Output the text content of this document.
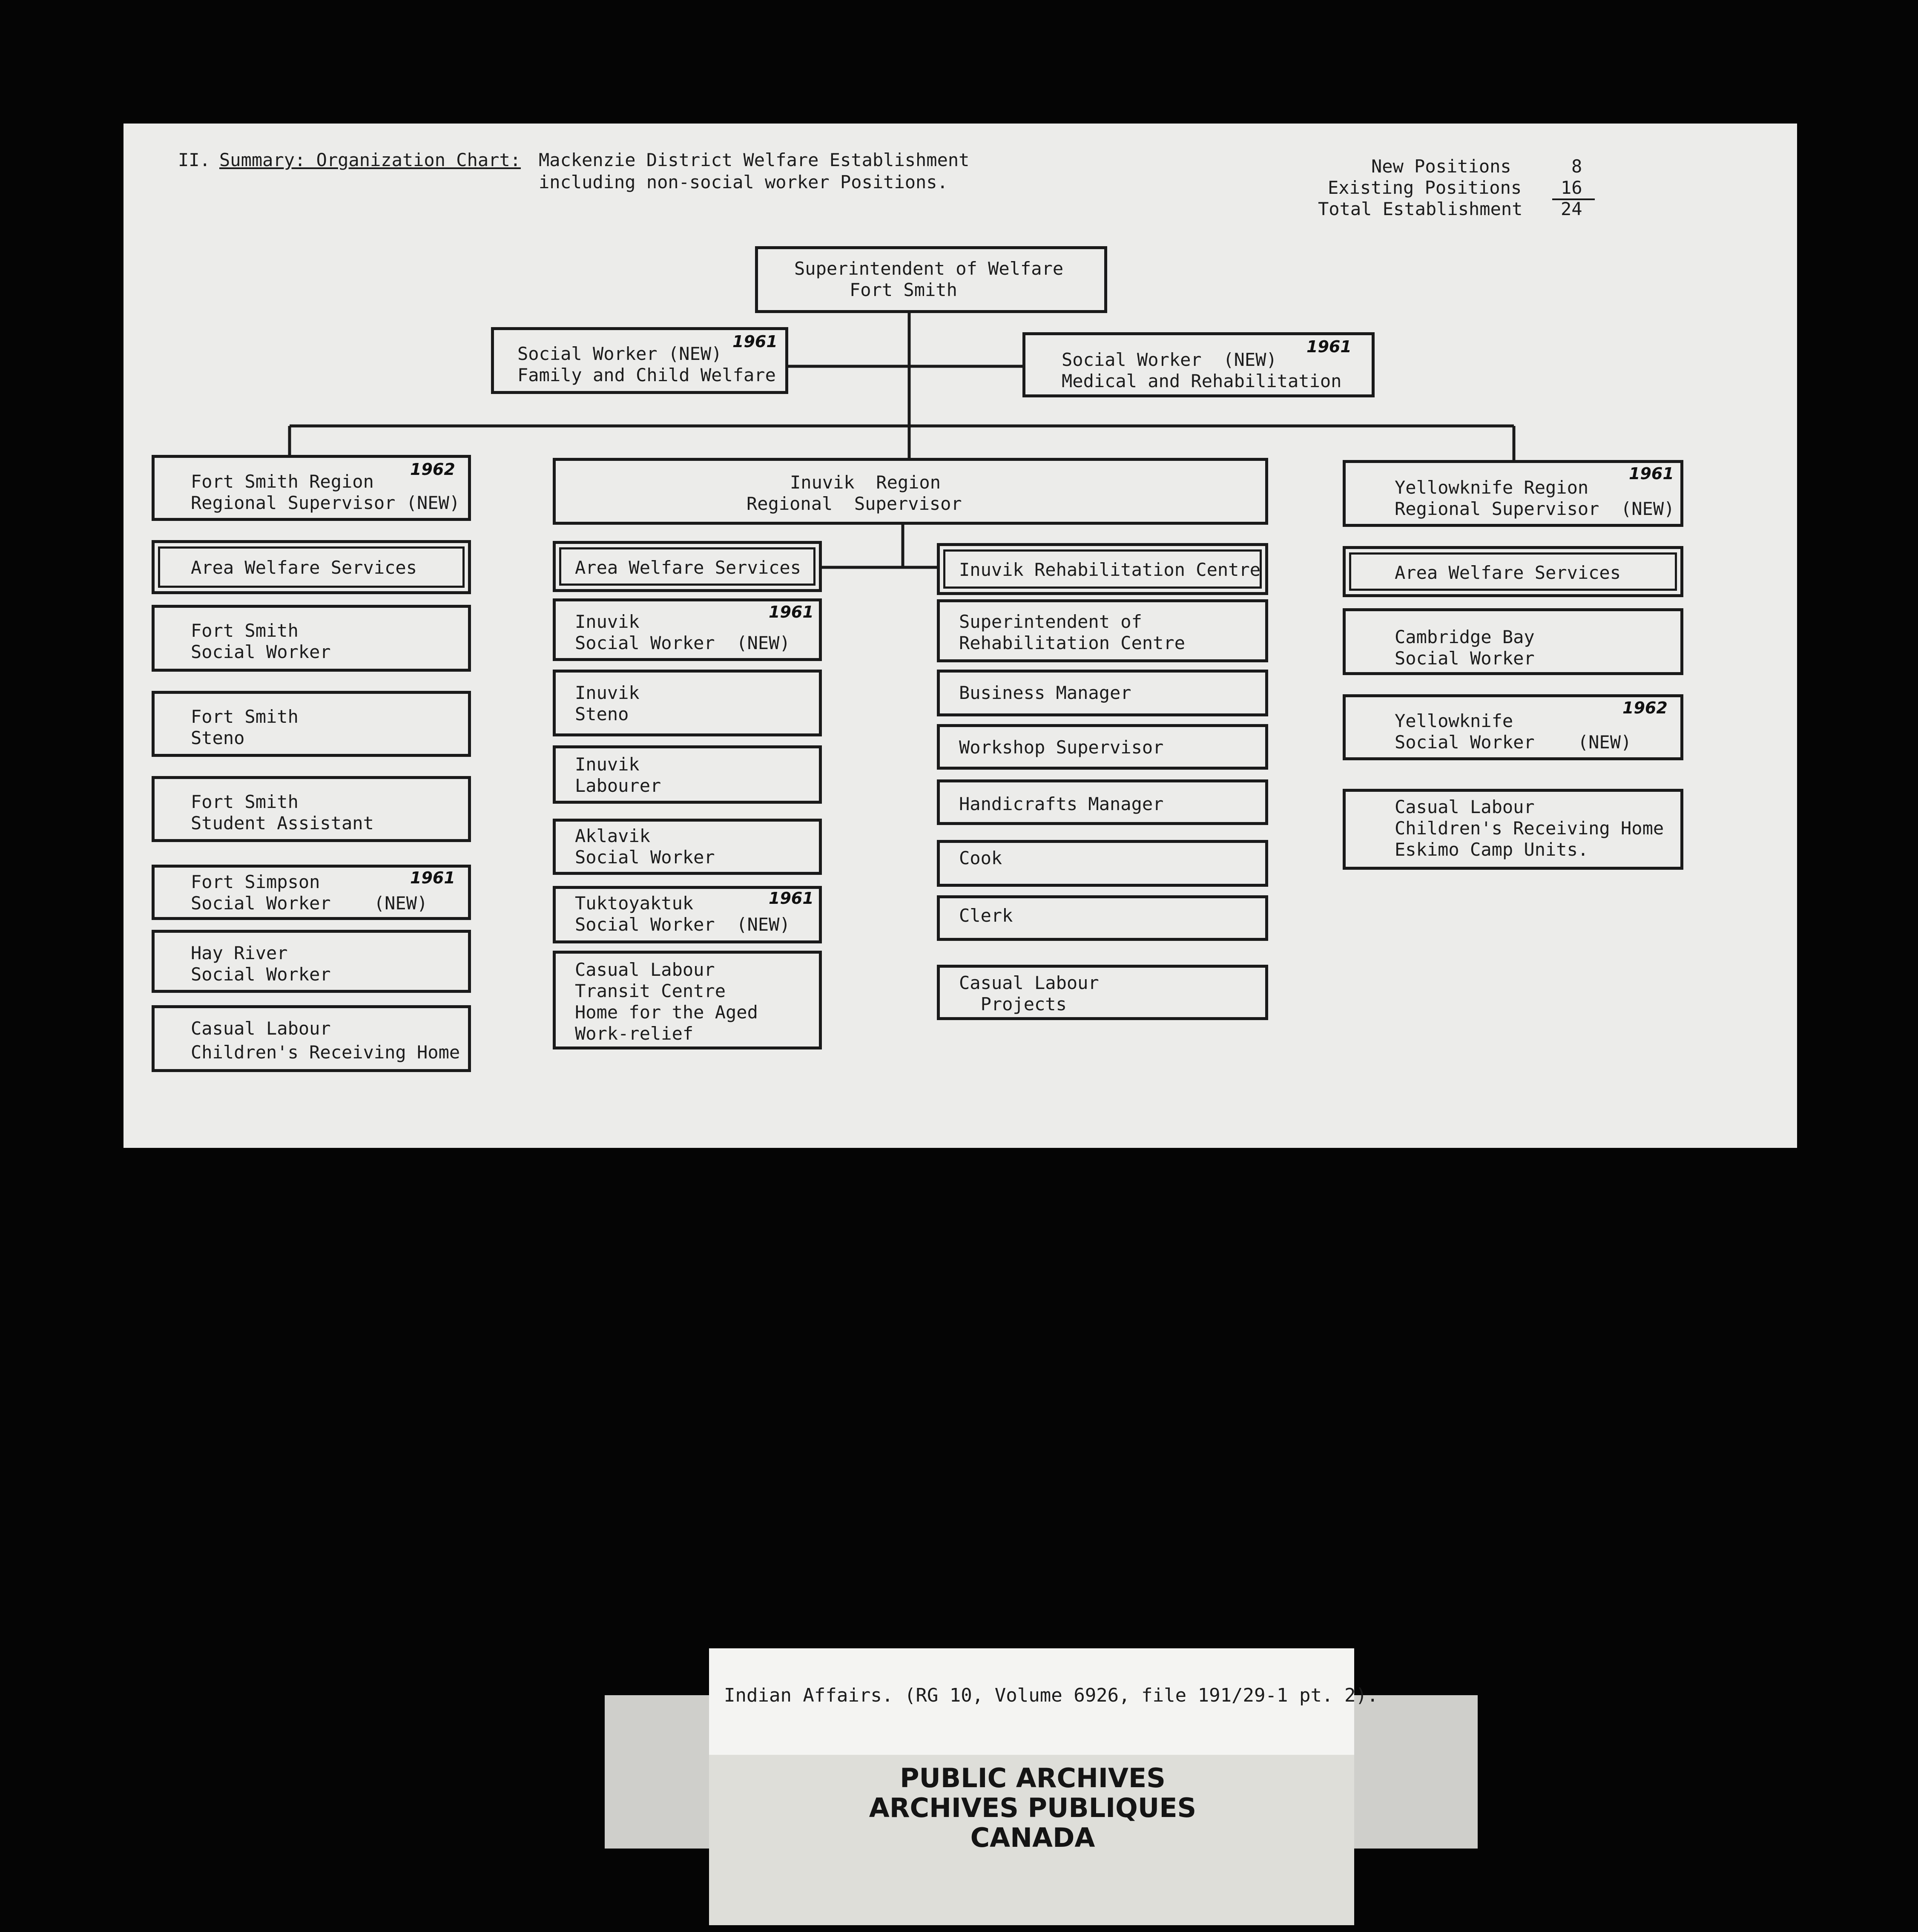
II. Summary: Organization Chart: Mackenzie District Welfare Establishment
including non-social worker Positions.
New Positions	8
Existing Positions 16
Total Establishment 24
Superintendent of Welfare
Fort Smith
Social Worker (NEW)
Family and Child Welfare
1961
Social Worker  (NEW)
Medical and Rehabilitation
1961
Fort Smith Region
Regional Supervisor (NEW)
1962
Inuvik  Region
Regional  Supervisor
Yellowknife Region
Regional Supervisor  (NEW)
1961
Area Welfare Services	Area Welfare Services	Inuvik Rehabilitation Centre	Area Welfare Services
Fort Smith
Social Worker
Fort Smith
Steno
Fort Smith
Student Assistant
Fort Simpson
Social Worker    (NEW)
1961
Hay River
Social Worker
Casual Labour
Children's Receiving Home
Inuvik
Social Worker  (NEW)
1961
Inuvik
Steno
Inuvik
Labourer
Aklavik
Social Worker
Tuktoyaktuk
Social Worker  (NEW)
1961
Casual Labour
Transit Centre
Home for the Aged
Work-relief
Superintendent of
Rehabilitation Centre
Business Manager
Workshop Supervisor
Handicrafts Manager
Cook
Clerk
Casual Labour
Projects
Cambridge Bay
Social Worker
Yellowknife
Social Worker    (NEW)
1962
Casual Labour
Children's Receiving Home
Eskimo Camp Units.
Indian Affairs. (RG 10, Volume 6926, file 191/29-1 pt. 2).
PUBLIC ARCHIVES
ARCHIVES PUBLIQUES
CANADA
